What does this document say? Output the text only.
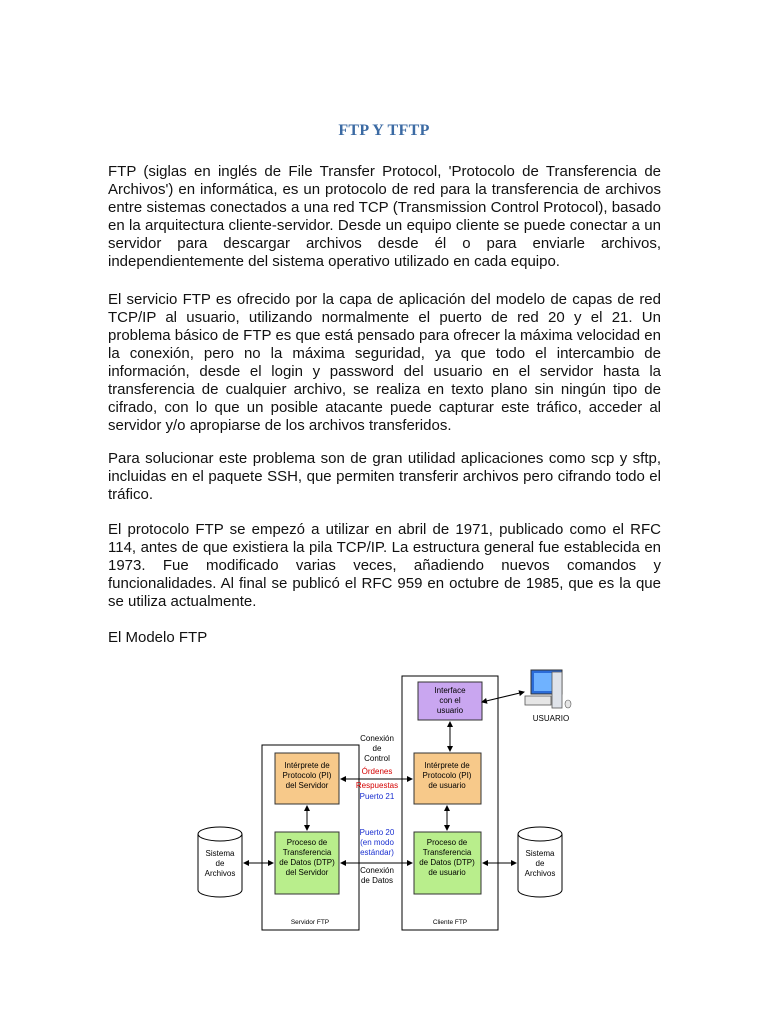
FTP Y TFTP

FTP (siglas en inglés de File Transfer Protocol, 'Protocolo de Transferencia de Archivos') en informática, es un protocolo de red para la transferencia de archivos entre sistemas conectados a una red TCP (Transmission Control Protocol), basado en la arquitectura cliente-servidor. Desde un equipo cliente se puede conectar a un servidor para descargar archivos desde él o para enviarle archivos, independientemente del sistema operativo utilizado en cada equipo.

El servicio FTP es ofrecido por la capa de aplicación del modelo de capas de red TCP/IP al usuario, utilizando normalmente el puerto de red 20 y el 21. Un problema básico de FTP es que está pensado para ofrecer la máxima velocidad en la conexión, pero no la máxima seguridad, ya que todo el intercambio de información, desde el login y password del usuario en el servidor hasta la transferencia de cualquier archivo, se realiza en texto plano sin ningún tipo de cifrado, con lo que un posible atacante puede capturar este tráfico, acceder al servidor y/o apropiarse de los archivos transferidos.

Para solucionar este problema son de gran utilidad aplicaciones como scp y sftp, incluidas en el paquete SSH, que permiten transferir archivos pero cifrando todo el tráfico.

El protocolo FTP se empezó a utilizar en abril de 1971, publicado como el RFC 114, antes de que existiera la pila TCP/IP. La estructura general fue establecida en 1973. Fue modificado varias veces, añadiendo nuevos comandos y funcionalidades. Al final se publicó el RFC 959 en octubre de 1985, que es la que se utiliza actualmente.

El Modelo FTP

Interface
con el
usuario
USUARIO
Intérprete de
Protocolo (PI)
del Servidor
Intérprete de
Protocolo (PI)
de usuario
Proceso de
Transferencia
de Datos (DTP)
del Servidor
Proceso de
Transferencia
de Datos (DTP)
de usuario
Conexión
de
Control
Órdenes
Respuestas
Puerto 21
Puerto 20
(en modo
estándar)
Conexión
de Datos
Sistema
de
Archivos
Sistema
de
Archivos
Servidor FTP	Cliente FTP
